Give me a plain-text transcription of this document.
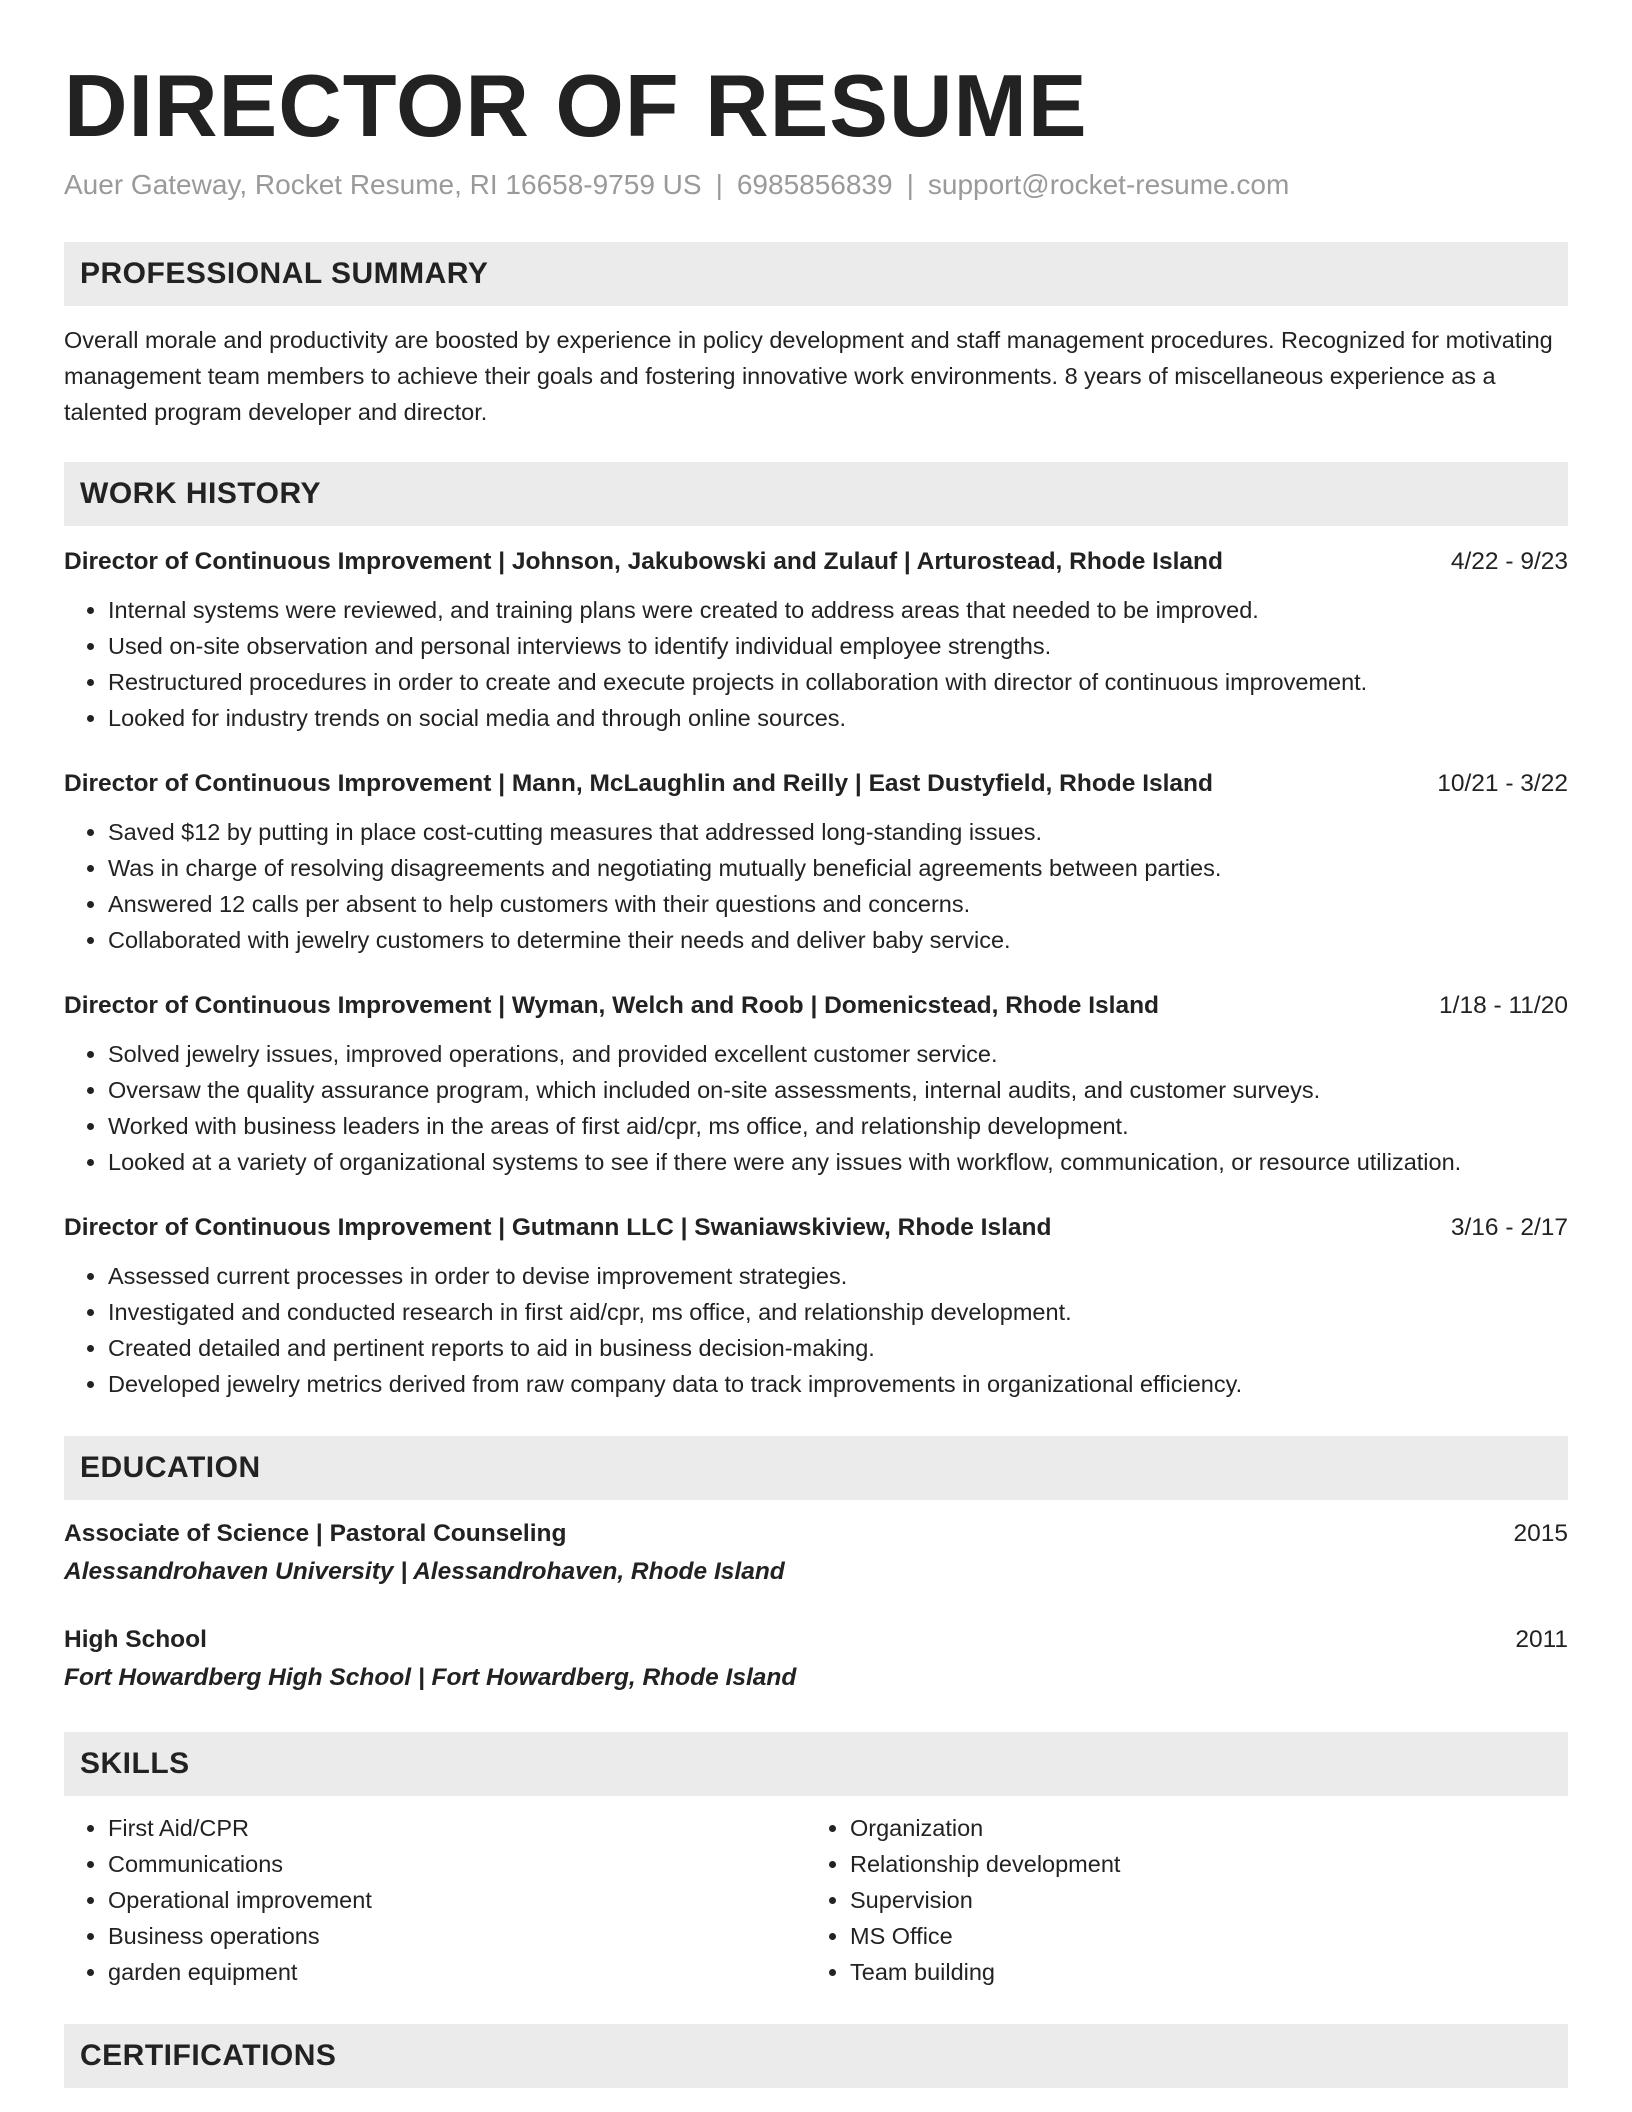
DIRECTOR OF RESUME
Auer Gateway, Rocket Resume, RI 16658-9759 US | 6985856839 | support@rocket-resume.com
PROFESSIONAL SUMMARY
Overall morale and productivity are boosted by experience in policy development and staff management procedures. Recognized for motivating management team members to achieve their goals and fostering innovative work environments. 8 years of miscellaneous experience as a talented program developer and director.
WORK HISTORY
Director of Continuous Improvement | Johnson, Jakubowski and Zulauf | Arturostead, Rhode Island	4/22 - 9/23
• Internal systems were reviewed, and training plans were created to address areas that needed to be improved.
• Used on-site observation and personal interviews to identify individual employee strengths.
• Restructured procedures in order to create and execute projects in collaboration with director of continuous improvement.
• Looked for industry trends on social media and through online sources.
Director of Continuous Improvement | Mann, McLaughlin and Reilly | East Dustyfield, Rhode Island	10/21 - 3/22
• Saved $12 by putting in place cost-cutting measures that addressed long-standing issues.
• Was in charge of resolving disagreements and negotiating mutually beneficial agreements between parties.
• Answered 12 calls per absent to help customers with their questions and concerns.
• Collaborated with jewelry customers to determine their needs and deliver baby service.
Director of Continuous Improvement | Wyman, Welch and Roob | Domenicstead, Rhode Island	1/18 - 11/20
• Solved jewelry issues, improved operations, and provided excellent customer service.
• Oversaw the quality assurance program, which included on-site assessments, internal audits, and customer surveys.
• Worked with business leaders in the areas of first aid/cpr, ms office, and relationship development.
• Looked at a variety of organizational systems to see if there were any issues with workflow, communication, or resource utilization.
Director of Continuous Improvement | Gutmann LLC | Swaniawskiview, Rhode Island	3/16 - 2/17
• Assessed current processes in order to devise improvement strategies.
• Investigated and conducted research in first aid/cpr, ms office, and relationship development.
• Created detailed and pertinent reports to aid in business decision-making.
• Developed jewelry metrics derived from raw company data to track improvements in organizational efficiency.
EDUCATION
Associate of Science | Pastoral Counseling	2015
Alessandrohaven University | Alessandrohaven, Rhode Island
High School	2011
Fort Howardberg High School | Fort Howardberg, Rhode Island
SKILLS
• First Aid/CPR
• Communications
• Operational improvement
• Business operations
• garden equipment
• Organization
• Relationship development
• Supervision
• MS Office
• Team building
CERTIFICATIONS
